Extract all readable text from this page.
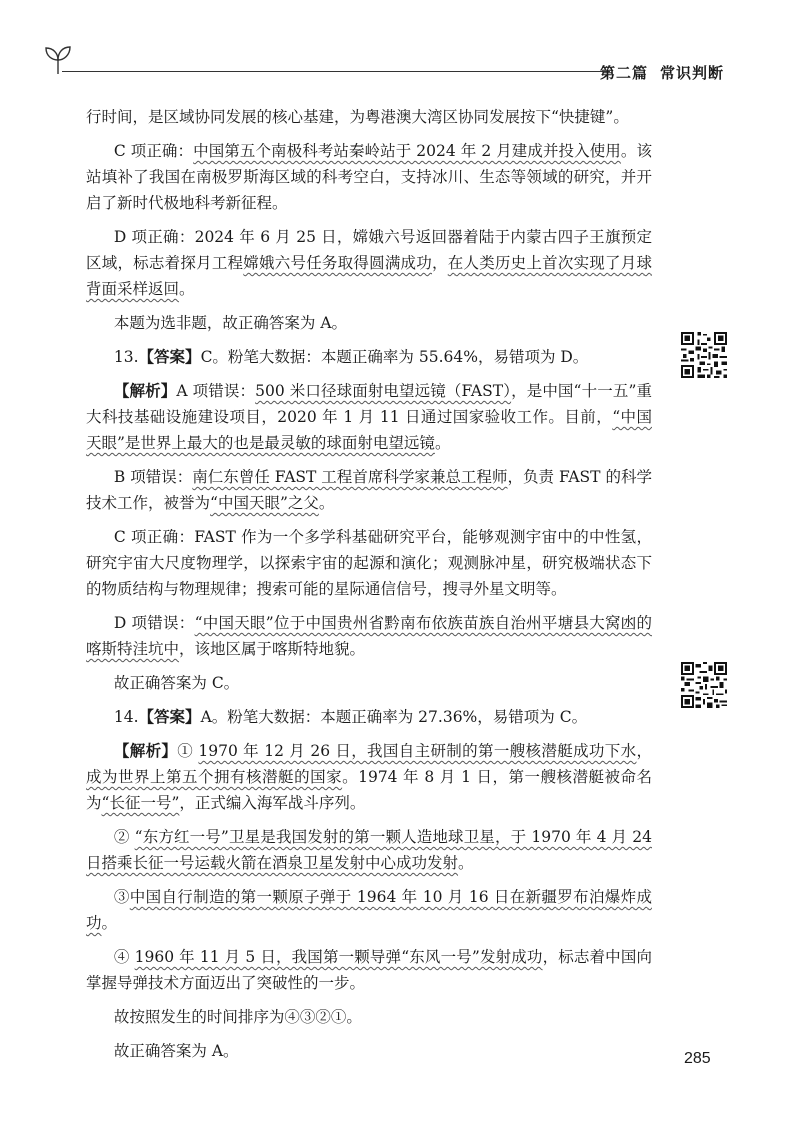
第二篇 常识判断

行时间，是区域协同发展的核心基建，为粤港澳大湾区协同发展按下“快捷键”。

C 项正确：中国第五个南极科考站秦岭站于 2024 年 2 月建成并投入使用。该站填补了我国在南极罗斯海区域的科考空白，支持冰川、生态等领域的研究，并开启了新时代极地科考新征程。

D 项正确：2024 年 6 月 25 日，嫦娥六号返回器着陆于内蒙古四子王旗预定区域，标志着探月工程嫦娥六号任务取得圆满成功，在人类历史上首次实现了月球背面采样返回。

本题为选非题，故正确答案为 A。

13.【答案】C。粉笔大数据：本题正确率为 55.64%，易错项为 D。

【解析】A 项错误：500 米口径球面射电望远镜（FAST），是中国“十一五”重大科技基础设施建设项目，2020 年 1 月 11 日通过国家验收工作。目前，“中国天眼”是世界上最大的也是最灵敏的球面射电望远镜。

B 项错误：南仁东曾任 FAST 工程首席科学家兼总工程师，负责 FAST 的科学技术工作，被誉为“中国天眼”之父。

C 项正确：FAST 作为一个多学科基础研究平台，能够观测宇宙中的中性氢，研究宇宙大尺度物理学，以探索宇宙的起源和演化；观测脉冲星，研究极端状态下的物质结构与物理规律；搜索可能的星际通信信号，搜寻外星文明等。

D 项错误：“中国天眼”位于中国贵州省黔南布依族苗族自治州平塘县大窝凼的喀斯特洼坑中，该地区属于喀斯特地貌。

故正确答案为 C。

14.【答案】A。粉笔大数据：本题正确率为 27.36%，易错项为 C。

【解析】① 1970 年 12 月 26 日，我国自主研制的第一艘核潜艇成功下水，成为世界上第五个拥有核潜艇的国家。1974 年 8 月 1 日，第一艘核潜艇被命名为“长征一号”，正式编入海军战斗序列。

② “东方红一号”卫星是我国发射的第一颗人造地球卫星，于 1970 年 4 月 24 日搭乘长征一号运载火箭在酒泉卫星发射中心成功发射。

③中国自行制造的第一颗原子弹于 1964 年 10 月 16 日在新疆罗布泊爆炸成功。

④ 1960 年 11 月 5 日，我国第一颗导弹“东风一号”发射成功，标志着中国向掌握导弹技术方面迈出了突破性的一步。

故按照发生的时间排序为④③②①。

故正确答案为 A。	285
